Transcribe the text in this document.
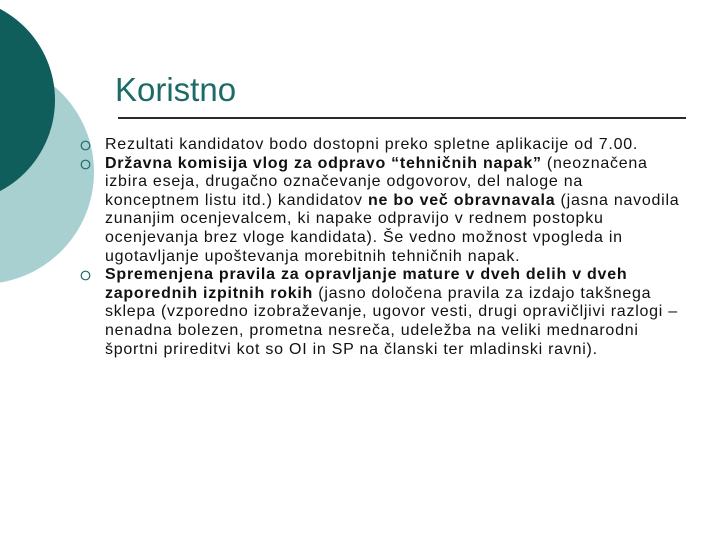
Koristno
Rezultati kandidatov bodo dostopni preko spletne aplikacije od 7.00.
Državna komisija vlog za odpravo “tehničnih napak” (neoznačena izbira eseja, drugačno označevanje odgovorov, del naloge na konceptnem listu itd.) kandidatov ne bo več obravnavala (jasna navodila zunanjim ocenjevalcem, ki napake odpravijo v rednem postopku ocenjevanja brez vloge kandidata). Še vedno možnost vpogleda in ugotavljanje upoštevanja morebitnih tehničnih napak.
Spremenjena pravila za opravljanje mature v dveh delih v dveh zaporednih izpitnih rokih (jasno določena pravila za izdajo takšnega sklepa (vzporedno izobraževanje, ugovor vesti, drugi opravičljivi razlogi – nenadna bolezen, prometna nesreča, udeležba na veliki mednarodni športni prireditvi kot so OI in SP na članski ter mladinski ravni).
